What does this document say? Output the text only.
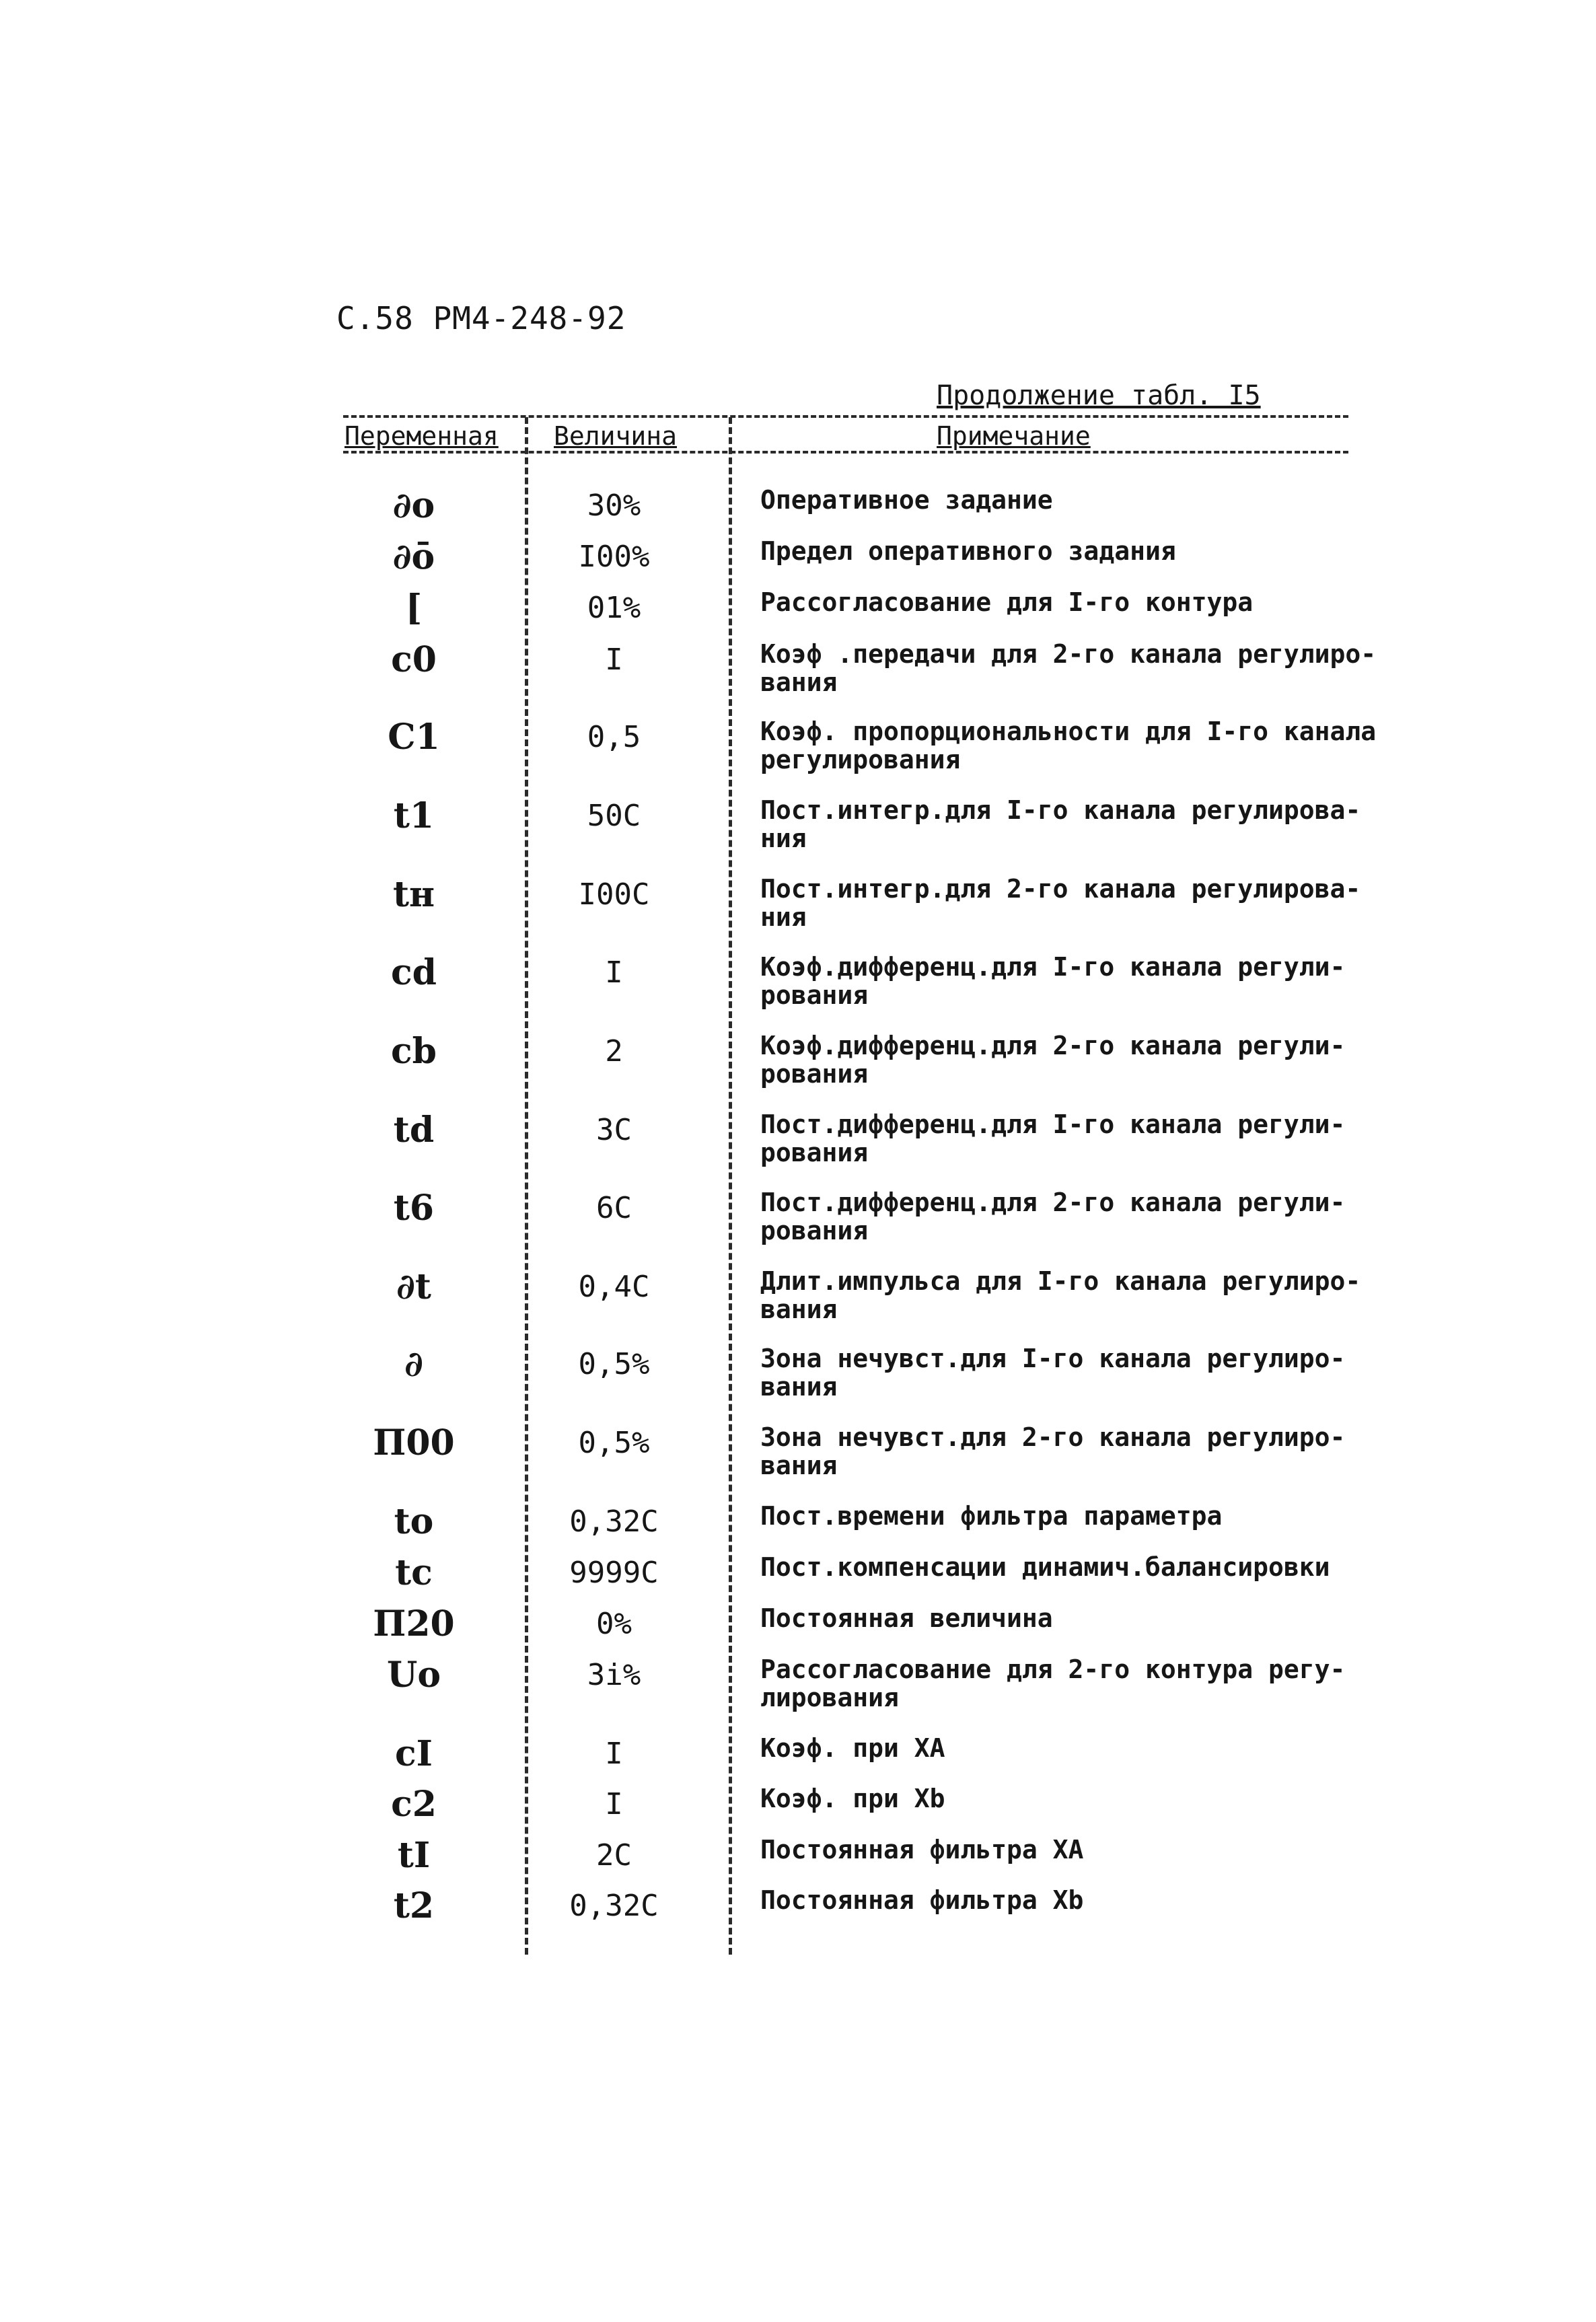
С.58 РМ4-248-92
Продолжение табл. I5
Переменная Величина	Примечание
∂o	30%	Оперативное задание
∂ō	I00%	Предел оперативного задания
[	01%	Рассогласование для I-го контура
c0	I	Коэф .передачи для 2-го канала регулиро-
вания
C1	0,5	Коэф. пропорциональности для I-го канала
регулирования
t1	50С	Пост.интегр.для I-го канала регулирова-
ния
tн	I00С	Пост.интегр.для 2-го канала регулирова-
ния
cd	I	Коэф.дифференц.для I-го канала регули-
рования
cb	2	Коэф.дифференц.для 2-го канала регули-
рования
td	3С	Пост.дифференц.для I-го канала регули-
рования
t6	6С	Пост.дифференц.для 2-го канала регули-
рования
∂t	0,4С	Длит.импульса для I-го канала регулиро-
вания
∂	0,5%	Зона нечувст.для I-го канала регулиро-
вания
П00	0,5%	Зона нечувст.для 2-го канала регулиро-
вания
to	0,32С	Пост.времени фильтра параметра
tc	9999С	Пост.компенсации динамич.балансировки
П20	0%	Постоянная величина
Uo	3i%	Рассогласование для 2-го контура регу-
лирования
cI	I	Коэф. при XA
c2	I	Коэф. при Xb
tI	2С	Постоянная фильтра XA
t2	0,32С	Постоянная фильтра Xb
